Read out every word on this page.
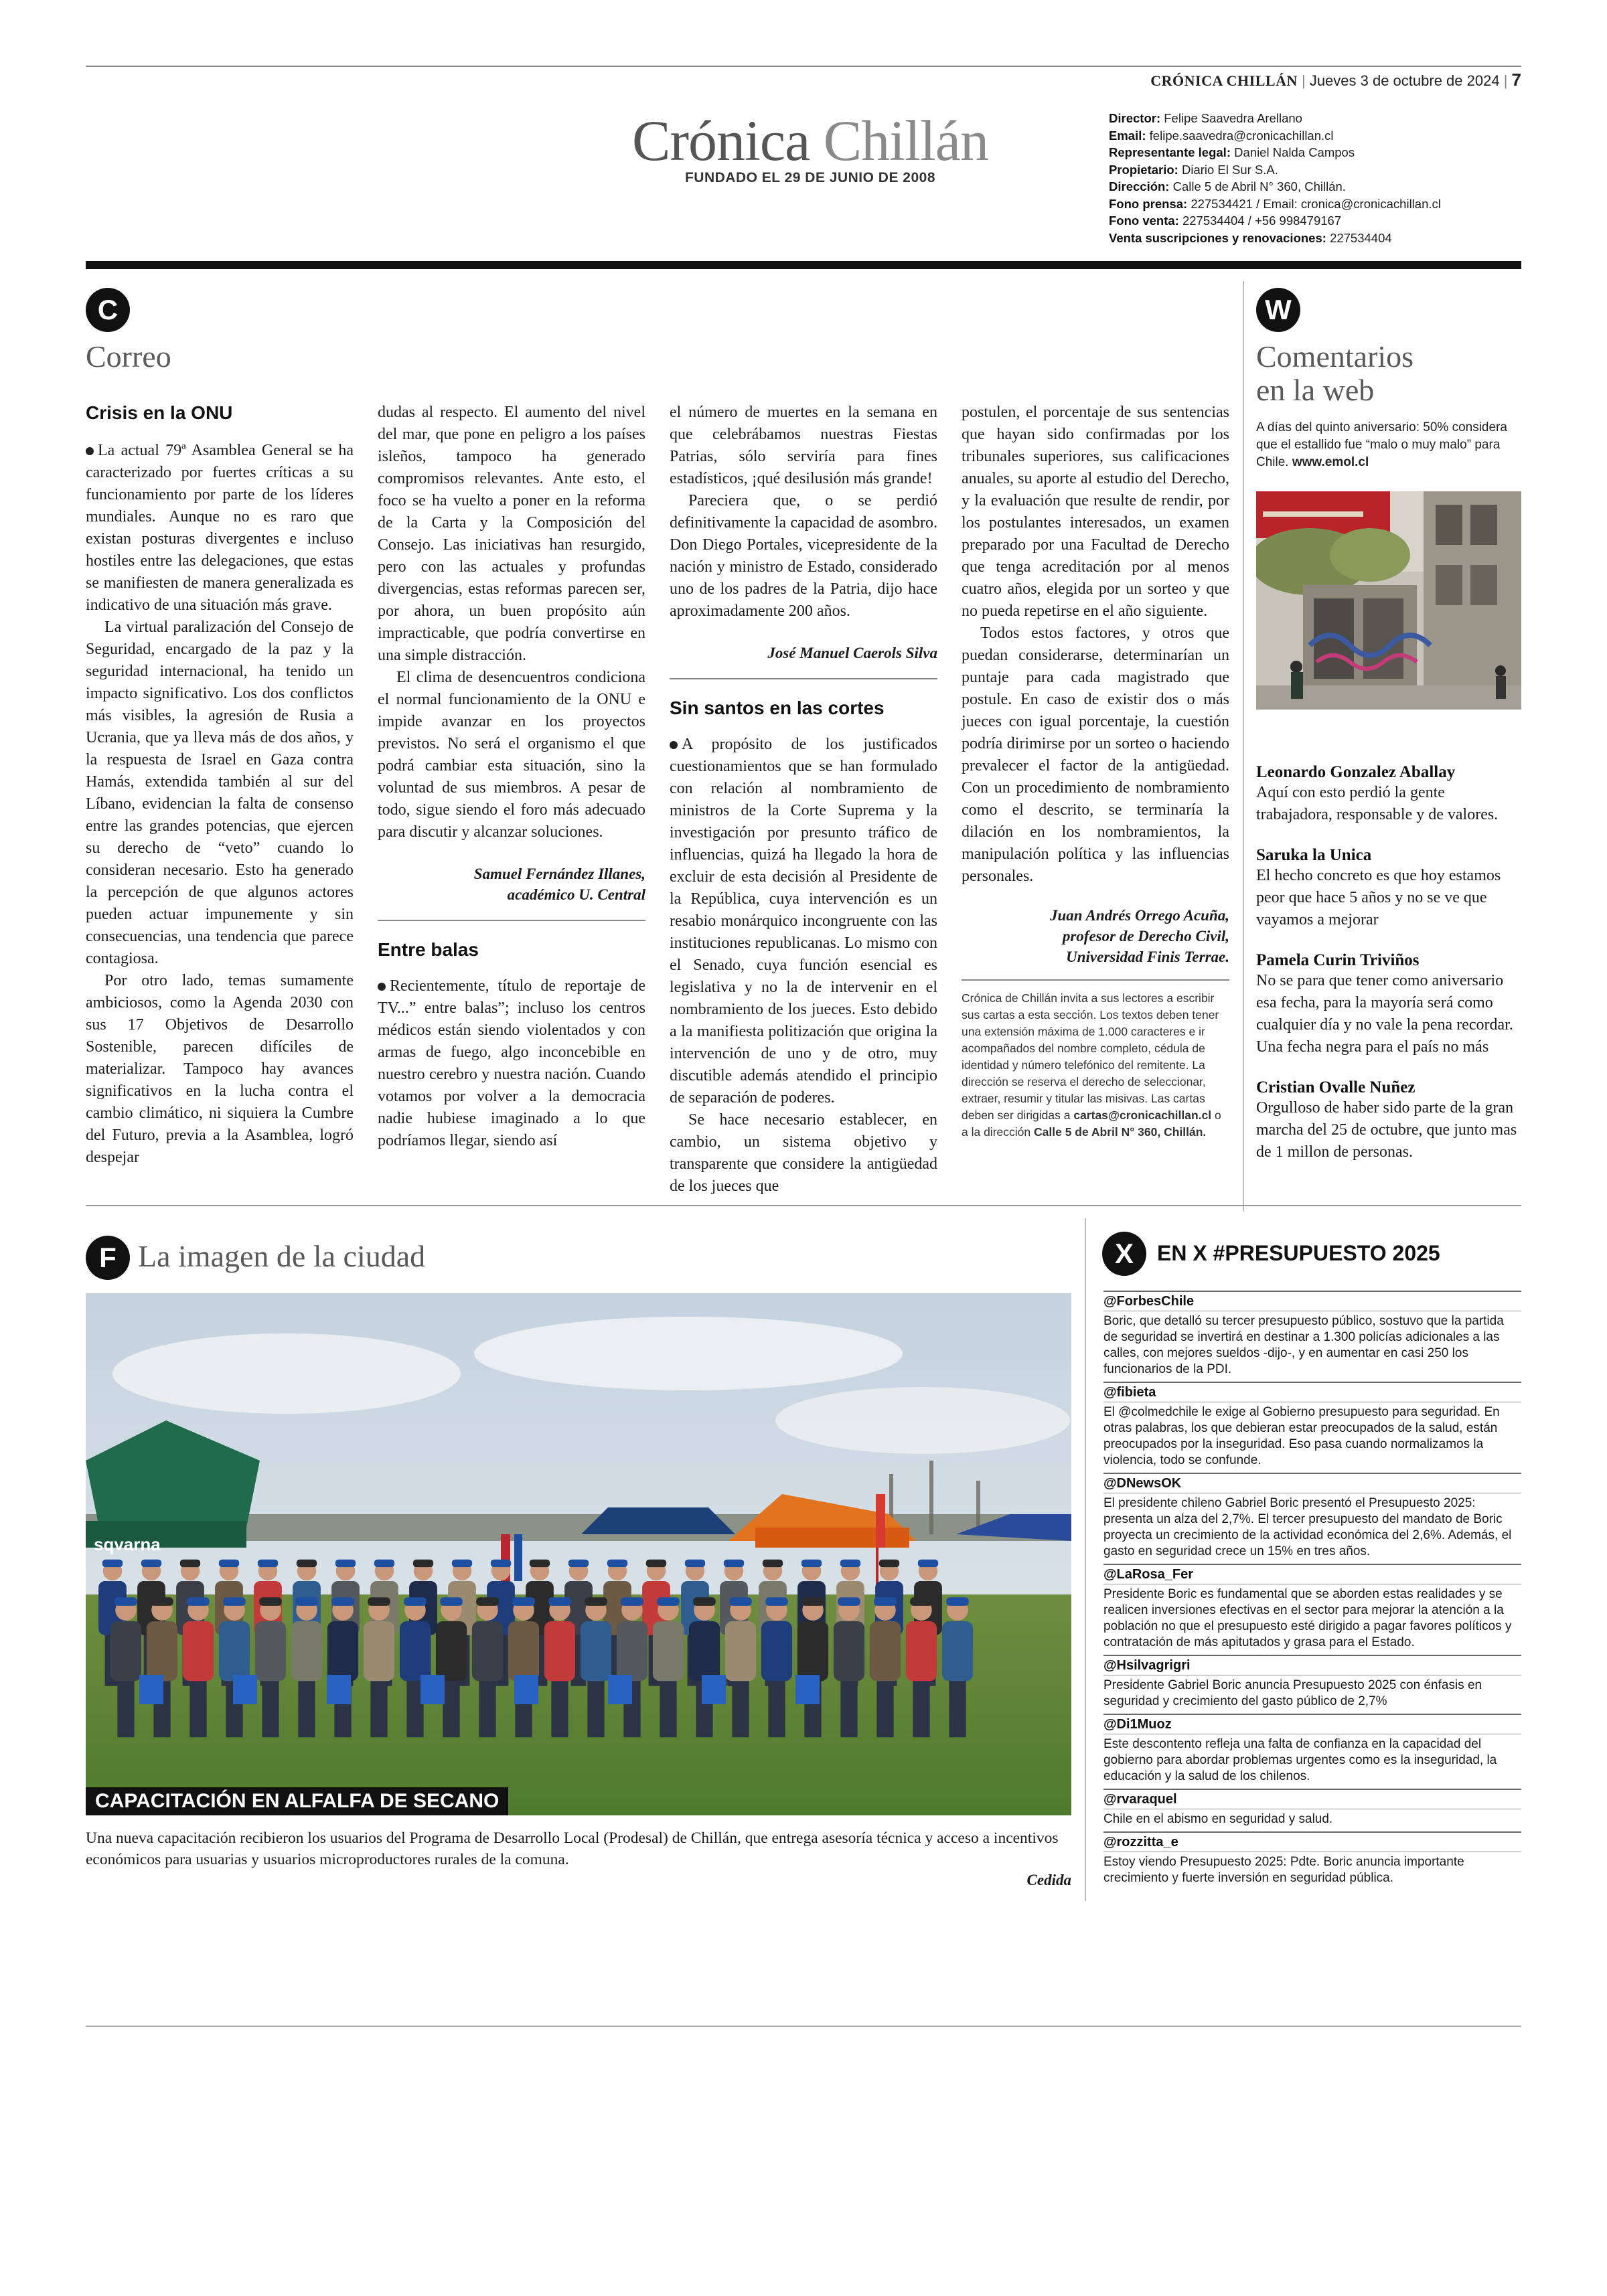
CRÓNICA CHILLÁN | Jueves 3 de octubre de 2024 | 7
Crónica Chillán
FUNDADO EL 29 DE JUNIO DE 2008
Director: Felipe Saavedra Arellano
Email: felipe.saavedra@cronicachillan.cl
Representante legal: Daniel Nalda Campos
Propietario: Diario El Sur S.A.
Dirección: Calle 5 de Abril N° 360, Chillán.
Fono prensa: 227534421 / Email: cronica@cronicachillan.cl
Fono venta: 227534404 / +56 998479167
Venta suscripciones y renovaciones: 227534404
C
Correo
Crisis en la ONU

La actual 79ª Asamblea General se ha caracterizado por fuertes críticas a su funcionamiento por parte de los líderes mundiales. Aunque no es raro que existan posturas divergentes e incluso hostiles entre las delegaciones, que estas se manifiesten de manera generalizada es indicativo de una situación más grave.

La virtual paralización del Consejo de Seguridad, encargado de la paz y la seguridad internacional, ha tenido un impacto significativo. Los dos conflictos más visibles, la agresión de Rusia a Ucrania, que ya lleva más de dos años, y la respuesta de Israel en Gaza contra Hamás, extendida también al sur del Líbano, evidencian la falta de consenso entre las grandes potencias, que ejercen su derecho de “veto” cuando lo consideran necesario. Esto ha generado la percepción de que algunos actores pueden actuar impunemente y sin consecuencias, una tendencia que parece contagiosa.

Por otro lado, temas sumamente ambiciosos, como la Agenda 2030 con sus 17 Objetivos de Desarrollo Sostenible, parecen difíciles de materializar. Tampoco hay avances significativos en la lucha contra el cambio climático, ni siquiera la Cumbre del Futuro, previa a la Asamblea, logró despejar

dudas al respecto. El aumento del nivel del mar, que pone en peligro a los países isleños, tampoco ha generado compromisos relevantes. Ante esto, el foco se ha vuelto a poner en la reforma de la Carta y la Composición del Consejo. Las iniciativas han resurgido, pero con las actuales y profundas divergencias, estas reformas parecen ser, por ahora, un buen propósito aún impracticable, que podría convertirse en una simple distracción.

El clima de desencuentros condiciona el normal funcionamiento de la ONU e impide avanzar en los proyectos previstos. No será el organismo el que podrá cambiar esta situación, sino la voluntad de sus miembros. A pesar de todo, sigue siendo el foro más adecuado para discutir y alcanzar soluciones.

Samuel Fernández Illanes,
académico U. Central
Entre balas

Recientemente, título de reportaje de TV...” entre balas”; incluso los centros médicos están siendo violentados y con armas de fuego, algo inconcebible en nuestro cerebro y nuestra nación. Cuando votamos por volver a la democracia nadie hubiese imaginado a lo que podríamos llegar, siendo así

el número de muertes en la semana en que celebrábamos nuestras Fiestas Patrias, sólo serviría para fines estadísticos, ¡qué desilusión más grande!

Pareciera que, o se perdió definitivamente la capacidad de asombro. Don Diego Portales, vicepresidente de la nación y ministro de Estado, considerado uno de los padres de la Patria, dijo hace aproximadamente 200 años.

José Manuel Caerols Silva
Sin santos en las cortes

A propósito de los justificados cuestionamientos que se han formulado con relación al nombramiento de ministros de la Corte Suprema y la investigación por presunto tráfico de influencias, quizá ha llegado la hora de excluir de esta decisión al Presidente de la República, cuya intervención es un resabio monárquico incongruente con las instituciones republicanas. Lo mismo con el Senado, cuya función esencial es legislativa y no la de intervenir en el nombramiento de los jueces. Esto debido a la manifiesta politización que origina la intervención de uno y de otro, muy discutible además atendido el principio de separación de poderes.

Se hace necesario establecer, en cambio, un sistema objetivo y transparente que considere la antigüedad de los jueces que

postulen, el porcentaje de sus sentencias que hayan sido confirmadas por los tribunales superiores, sus calificaciones anuales, su aporte al estudio del Derecho, y la evaluación que resulte de rendir, por los postulantes interesados, un examen preparado por una Facultad de Derecho que tenga acreditación por al menos cuatro años, elegida por un sorteo y que no pueda repetirse en el año siguiente.

Todos estos factores, y otros que puedan considerarse, determinarían un puntaje para cada magistrado que postule. En caso de existir dos o más jueces con igual porcentaje, la cuestión podría dirimirse por un sorteo o haciendo prevalecer el factor de la antigüedad. Con un procedimiento de nombramiento como el descrito, se terminaría la dilación en los nombramientos, la manipulación política y las influencias personales.

Juan Andrés Orrego Acuña,
profesor de Derecho Civil,
Universidad Finis Terrae.
Crónica de Chillán invita a sus lectores a escribir sus cartas a esta sección. Los textos deben tener una extensión máxima de 1.000 caracteres e ir acompañados del nombre completo, cédula de identidad y número telefónico del remitente. La dirección se reserva el derecho de seleccionar, extraer, resumir y titular las misivas. Las cartas deben ser dirigidas a cartas@cronicachillan.cl o a la dirección Calle 5 de Abril N° 360, Chillán.
W
Comentarios
en la web
A días del quinto aniversario: 50% considera que el estallido fue “malo o muy malo” para Chile. www.emol.cl
Leonardo Gonzalez Aballay
Aquí con esto perdió la gente trabajadora, responsable y de valores.
Saruka la Unica
El hecho concreto es que hoy estamos peor que hace 5 años y no se ve que vayamos a mejorar
Pamela Curin Triviños
No se para que tener como aniversario esa fecha, para la mayoría será como cualquier día y no vale la pena recordar. Una fecha negra para el país no más
Cristian Ovalle Nuñez
Orgulloso de haber sido parte de la gran marcha del 25 de octubre, que junto mas de 1 millon de personas.
F La imagen de la ciudad
CAPACITACIÓN EN ALFALFA DE SECANO
sqvarna
Una nueva capacitación recibieron los usuarios del Programa de Desarrollo Local (Prodesal) de Chillán, que entrega asesoría técnica y acceso a incentivos económicos para usuarias y usuarios microproductores rurales de la comuna.
Cedida
X	EN X #PRESUPUESTO 2025
@ForbesChile
Boric, que detalló su tercer presupuesto público, sostuvo que la partida de seguridad se invertirá en destinar a 1.300 policías adicionales a las calles, con mejores sueldos -dijo-, y en aumentar en casi 250 los funcionarios de la PDI.
@fibieta
El @colmedchile le exige al Gobierno presupuesto para seguridad. En otras palabras, los que debieran estar preocupados de la salud, están preocupados por la inseguridad. Eso pasa cuando normalizamos la violencia, todo se confunde.
@DNewsOK
El presidente chileno Gabriel Boric presentó el Presupuesto 2025: presenta un alza del 2,7%. El tercer presupuesto del mandato de Boric proyecta un crecimiento de la actividad económica del 2,6%. Además, el gasto en seguridad crece un 15% en tres años.
@LaRosa_Fer
Presidente Boric es fundamental que se aborden estas realidades y se realicen inversiones efectivas en el sector para mejorar la atención a la población no que el presupuesto esté dirigido a pagar favores políticos y contratación de más apitutados y grasa para el Estado.
@Hsilvagrigri
Presidente Gabriel Boric anuncia Presupuesto 2025 con énfasis en seguridad y crecimiento del gasto público de 2,7%
@Di1Muoz
Este descontento refleja una falta de confianza en la capacidad del gobierno para abordar problemas urgentes como es la inseguridad, la educación y la salud de los chilenos.
@rvaraquel
Chile en el abismo en seguridad y salud.
@rozzitta_e
Estoy viendo Presupuesto 2025: Pdte. Boric anuncia importante crecimiento y fuerte inversión en seguridad pública.
